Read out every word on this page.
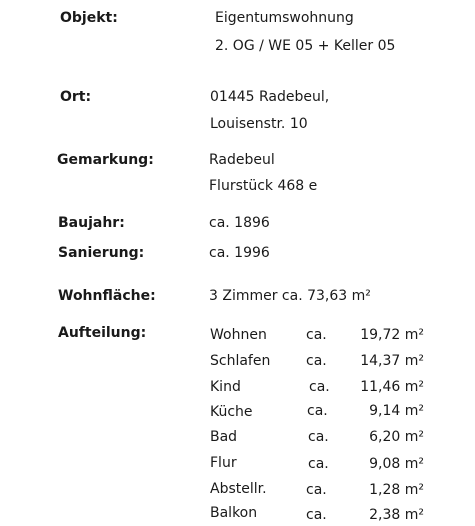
Objekt:	Eigentumswohnung
2. OG / WE 05 + Keller 05
Ort:	01445 Radebeul,
Louisenstr. 10
Gemarkung:	Radebeul
Flurstück 468 e
Baujahr:	ca. 1896
Sanierung:	ca. 1996
Wohnfläche:	3 Zimmer ca. 73,63 m²
Aufteilung:	Wohnen	ca. 19,72 m²
Schlafen	ca. 14,37 m²
Kind	ca. 11,46 m²
Küche	ca.	9,14 m²
Bad	ca.	6,20 m²
Flur	ca.	9,08 m²
Abstellr.	ca.	1,28 m²
Balkon	ca.	2,38 m²
